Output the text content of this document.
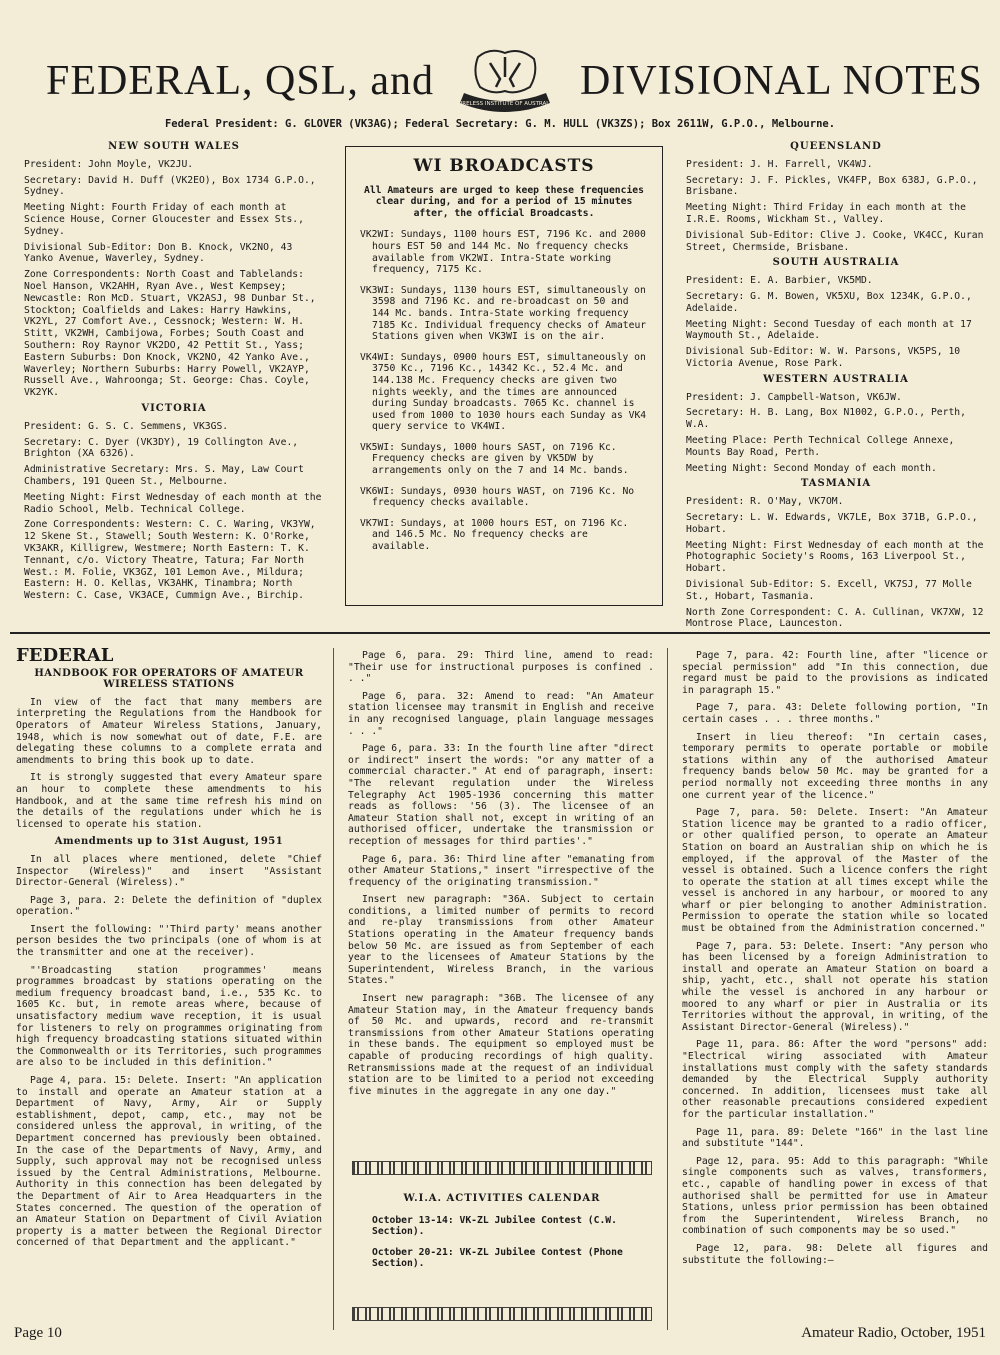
FEDERAL, QSL, and	WIRELESS INSTITUTE OF AUSTRALIA DIVISIONAL NOTES
Federal President: G. GLOVER (VK3AG); Federal Secretary: G. M. HULL (VK3ZS); Box 2611W, G.P.O., Melbourne.
NEW SOUTH WALES

President: John Moyle, VK2JU.

Secretary: David H. Duff (VK2EO), Box 1734 G.P.O., Sydney.

Meeting Night: Fourth Friday of each month at Science House, Corner Gloucester and Essex Sts., Sydney.

Divisional Sub-Editor: Don B. Knock, VK2NO, 43 Yanko Avenue, Waverley, Sydney.

Zone Correspondents: North Coast and Tablelands: Noel Hanson, VK2AHH, Ryan Ave., West Kempsey; Newcastle: Ron McD. Stuart, VK2ASJ, 98 Dunbar St., Stockton; Coalfields and Lakes: Harry Hawkins, VK2YL, 27 Comfort Ave., Cessnock; Western: W. H. Stitt, VK2WH, Cambijowa, Forbes; South Coast and Southern: Roy Raynor VK2DO, 42 Pettit St., Yass; Eastern Suburbs: Don Knock, VK2NO, 42 Yanko Ave., Waverley; Northern Suburbs: Harry Powell, VK2AYP, Russell Ave., Wahroonga; St. George: Chas. Coyle, VK2YK.

VICTORIA

President: G. S. C. Semmens, VK3GS.

Secretary: C. Dyer (VK3DY), 19 Collington Ave., Brighton (XA 6326).

Administrative Secretary: Mrs. S. May, Law Court Chambers, 191 Queen St., Melbourne.

Meeting Night: First Wednesday of each month at the Radio School, Melb. Technical College.

Zone Correspondents: Western: C. C. Waring, VK3YW, 12 Skene St., Stawell; South Western: K. O'Rorke, VK3AKR, Killigrew, Westmere; North Eastern: T. K. Tennant, c/o. Victory Theatre, Tatura; Far North West.: M. Folie, VK3GZ, 101 Lemon Ave., Mildura; Eastern: H. O. Kellas, VK3AHK, Tinambra; North Western: C. Case, VK3ACE, Cummign Ave., Birchip.

WI BROADCASTS
All Amateurs are urged to keep these frequencies clear during, and for a period of 15 minutes after, the official Broadcasts.
VK2WI: Sundays, 1100 hours EST, 7196 Kc. and 2000 hours EST 50 and 144 Mc. No frequency checks available from VK2WI. Intra-State working frequency, 7175 Kc.
VK3WI: Sundays, 1130 hours EST, simultaneously on 3598 and 7196 Kc. and re-broadcast on 50 and 144 Mc. bands. Intra-State working frequency 7185 Kc. Individual frequency checks of Amateur Stations given when VK3WI is on the air.
VK4WI: Sundays, 0900 hours EST, simultaneously on 3750 Kc., 7196 Kc., 14342 Kc., 52.4 Mc. and 144.138 Mc. Frequency checks are given two nights weekly, and the times are announced during Sunday broadcasts. 7065 Kc. channel is used from 1000 to 1030 hours each Sunday as VK4 query service to VK4WI.
VK5WI: Sundays, 1000 hours SAST, on 7196 Kc. Frequency checks are given by VK5DW by arrangements only on the 7 and 14 Mc. bands.
VK6WI: Sundays, 0930 hours WAST, on 7196 Kc. No frequency checks available.
VK7WI: Sundays, at 1000 hours EST, on 7196 Kc. and 146.5 Mc. No frequency checks are available.
QUEENSLAND

President: J. H. Farrell, VK4WJ.

Secretary: J. F. Pickles, VK4FP, Box 638J, G.P.O., Brisbane.

Meeting Night: Third Friday in each month at the I.R.E. Rooms, Wickham St., Valley.

Divisional Sub-Editor: Clive J. Cooke, VK4CC, Kuran Street, Chermside, Brisbane.

SOUTH AUSTRALIA

President: E. A. Barbier, VK5MD.

Secretary: G. M. Bowen, VK5XU, Box 1234K, G.P.O., Adelaide.

Meeting Night: Second Tuesday of each month at 17 Waymouth St., Adelaide.

Divisional Sub-Editor: W. W. Parsons, VK5PS, 10 Victoria Avenue, Rose Park.

WESTERN AUSTRALIA

President: J. Campbell-Watson, VK6JW.

Secretary: H. B. Lang, Box N1002, G.P.O., Perth, W.A.

Meeting Place: Perth Technical College Annexe, Mounts Bay Road, Perth.

Meeting Night: Second Monday of each month.

TASMANIA

President: R. O'May, VK7OM.

Secretary: L. W. Edwards, VK7LE, Box 371B, G.P.O., Hobart.

Meeting Night: First Wednesday of each month at the Photographic Society's Rooms, 163 Liverpool St., Hobart.

Divisional Sub-Editor: S. Excell, VK7SJ, 77 Molle St., Hobart, Tasmania.

North Zone Correspondent: C. A. Cullinan, VK7XW, 12 Montrose Place, Launceston.

FEDERAL

HANDBOOK FOR OPERATORS OF AMATEUR WIRELESS STATIONS

In view of the fact that many members are interpreting the Regulations from the Handbook for Operators of Amateur Wireless Stations, January, 1948, which is now somewhat out of date, F.E. are delegating these columns to a complete errata and amendments to bring this book up to date.

It is strongly suggested that every Amateur spare an hour to complete these amendments to his Handbook, and at the same time refresh his mind on the details of the regulations under which he is licensed to operate his station.

Amendments up to 31st August, 1951

In all places where mentioned, delete "Chief Inspector (Wireless)" and insert "Assistant Director-General (Wireless)."

Page 3, para. 2: Delete the definition of "duplex operation."

Insert the following: "'Third party' means another person besides the two principals (one of whom is at the transmitter and one at the receiver).

"'Broadcasting station programmes' means programmes broadcast by stations operating on the medium frequency broadcast band, i.e., 535 Kc. to 1605 Kc. but, in remote areas where, because of unsatisfactory medium wave reception, it is usual for listeners to rely on programmes originating from high frequency broadcasting stations situated within the Commonwealth or its Territories, such programmes are also to be included in this definition."

Page 4, para. 15: Delete. Insert: "An application to install and operate an Amateur station at a Department of Navy, Army, Air or Supply establishment, depot, camp, etc., may not be considered unless the approval, in writing, of the Department concerned has previously been obtained. In the case of the Departments of Navy, Army, and Supply, such approval may not be recognised unless issued by the Central Administrations, Melbourne. Authority in this connection has been delegated by the Department of Air to Area Headquarters in the States concerned. The question of the operation of an Amateur Station on Department of Civil Aviation property is a matter between the Regional Director concerned of that Department and the applicant."

Page 6, para. 29: Third line, amend to read: "Their use for instructional purposes is confined . . ."

Page 6, para. 32: Amend to read: "An Amateur station licensee may transmit in English and receive in any recognised language, plain language messages . . ."

Page 6, para. 33: In the fourth line after "direct or indirect" insert the words: "or any matter of a commercial character." At end of paragraph, insert: "The relevant regulation under the Wireless Telegraphy Act 1905-1936 concerning this matter reads as follows: '56 (3). The licensee of an Amateur Station shall not, except in writing of an authorised officer, undertake the transmission or reception of messages for third parties'."

Page 6, para. 36: Third line after "emanating from other Amateur Stations," insert "irrespective of the frequency of the originating transmission."

Insert new paragraph: "36A. Subject to certain conditions, a limited number of permits to record and re-play transmissions from other Amateur Stations operating in the Amateur frequency bands below 50 Mc. are issued as from September of each year to the licensees of Amateur Stations by the Superintendent, Wireless Branch, in the various States."

Insert new paragraph: "36B. The licensee of any Amateur Station may, in the Amateur frequency bands of 50 Mc. and upwards, record and re-transmit transmissions from other Amateur Stations operating in these bands. The equipment so employed must be capable of producing recordings of high quality. Retransmissions made at the request of an individual station are to be limited to a period not exceeding five minutes in the aggregate in any one day."

W.I.A. ACTIVITIES CALENDAR
October 13-14: VK-ZL Jubilee Contest (C.W. Section).
October 20-21: VK-ZL Jubilee Contest (Phone Section).

Page 7, para. 42: Fourth line, after "licence or special permission" add "In this connection, due regard must be paid to the provisions as indicated in paragraph 15."

Page 7, para. 43: Delete following portion, "In certain cases . . . three months."

Insert in lieu thereof: "In certain cases, temporary permits to operate portable or mobile stations within any of the authorised Amateur frequency bands below 50 Mc. may be granted for a period normally not exceeding three months in any one current year of the licence."

Page 7, para. 50: Delete. Insert: "An Amateur Station licence may be granted to a radio officer, or other qualified person, to operate an Amateur Station on board an Australian ship on which he is employed, if the approval of the Master of the vessel is obtained. Such a licence confers the right to operate the station at all times except while the vessel is anchored in any harbour, or moored to any wharf or pier belonging to another Administration. Permission to operate the station while so located must be obtained from the Administration concerned."

Page 7, para. 53: Delete. Insert: "Any person who has been licensed by a foreign Administration to install and operate an Amateur Station on board a ship, yacht, etc., shall not operate his station while the vessel is anchored in any harbour or moored to any wharf or pier in Australia or its Territories without the approval, in writing, of the Assistant Director-General (Wireless)."

Page 11, para. 86: After the word "persons" add: "Electrical wiring associated with Amateur installations must comply with the safety standards demanded by the Electrical Supply authority concerned. In addition, licensees must take all other reasonable precautions considered expedient for the particular installation."

Page 11, para. 89: Delete "166" in the last line and substitute "144".

Page 12, para. 95: Add to this paragraph: "While single components such as valves, transformers, etc., capable of handling power in excess of that authorised shall be permitted for use in Amateur Stations, unless prior permission has been obtained from the Superintendent, Wireless Branch, no combination of such components may be so used."

Page 12, para. 98: Delete all figures and substitute the following:—

Page 10	Amateur Radio, October, 1951
